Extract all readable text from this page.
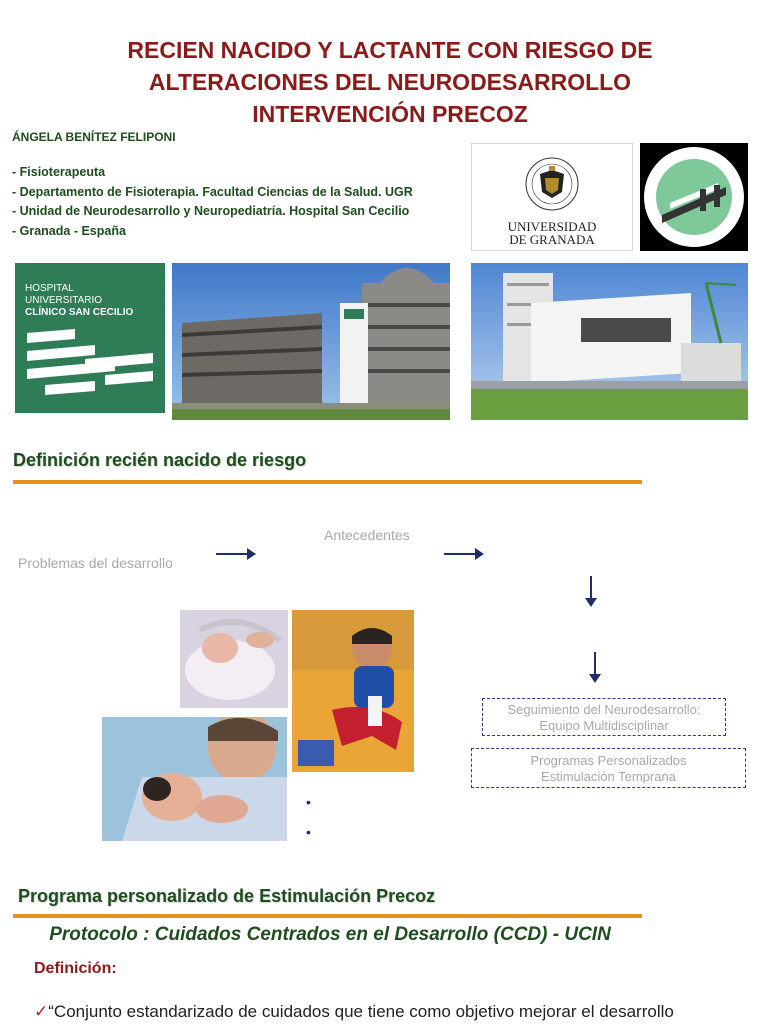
RECIEN NACIDO Y LACTANTE CON RIESGO DE
ALTERACIONES DEL NEURODESARROLLO
INTERVENCIÓN PRECOZ
ÁNGELA BENÍTEZ FELIPONI
- Fisioterapeuta
- Departamento de Fisioterapia. Facultad Ciencias de la Salud. UGR
- Unidad de Neurodesarrollo y Neuropediatría. Hospital San Cecilio
- Granada - España	UNIVERSIDAD
DE GRANADA
HOSPITAL
UNIVERSITARIO
CLÍNICO SAN CECILIO
Definición recién nacido de riesgo
Antecedentes
Problemas del desarrollo
•
•
Seguimiento del Neurodesarrollo:
Equipo Multidisciplinar
Programas Personalizados
Estimulación Temprana
Programa personalizado de Estimulación Precoz
Protocolo : Cuidados Centrados en el Desarrollo (CCD) - UCIN
Definición:
✓“Conjunto estandarizado de cuidados que tiene como objetivo mejorar el desarrollo
